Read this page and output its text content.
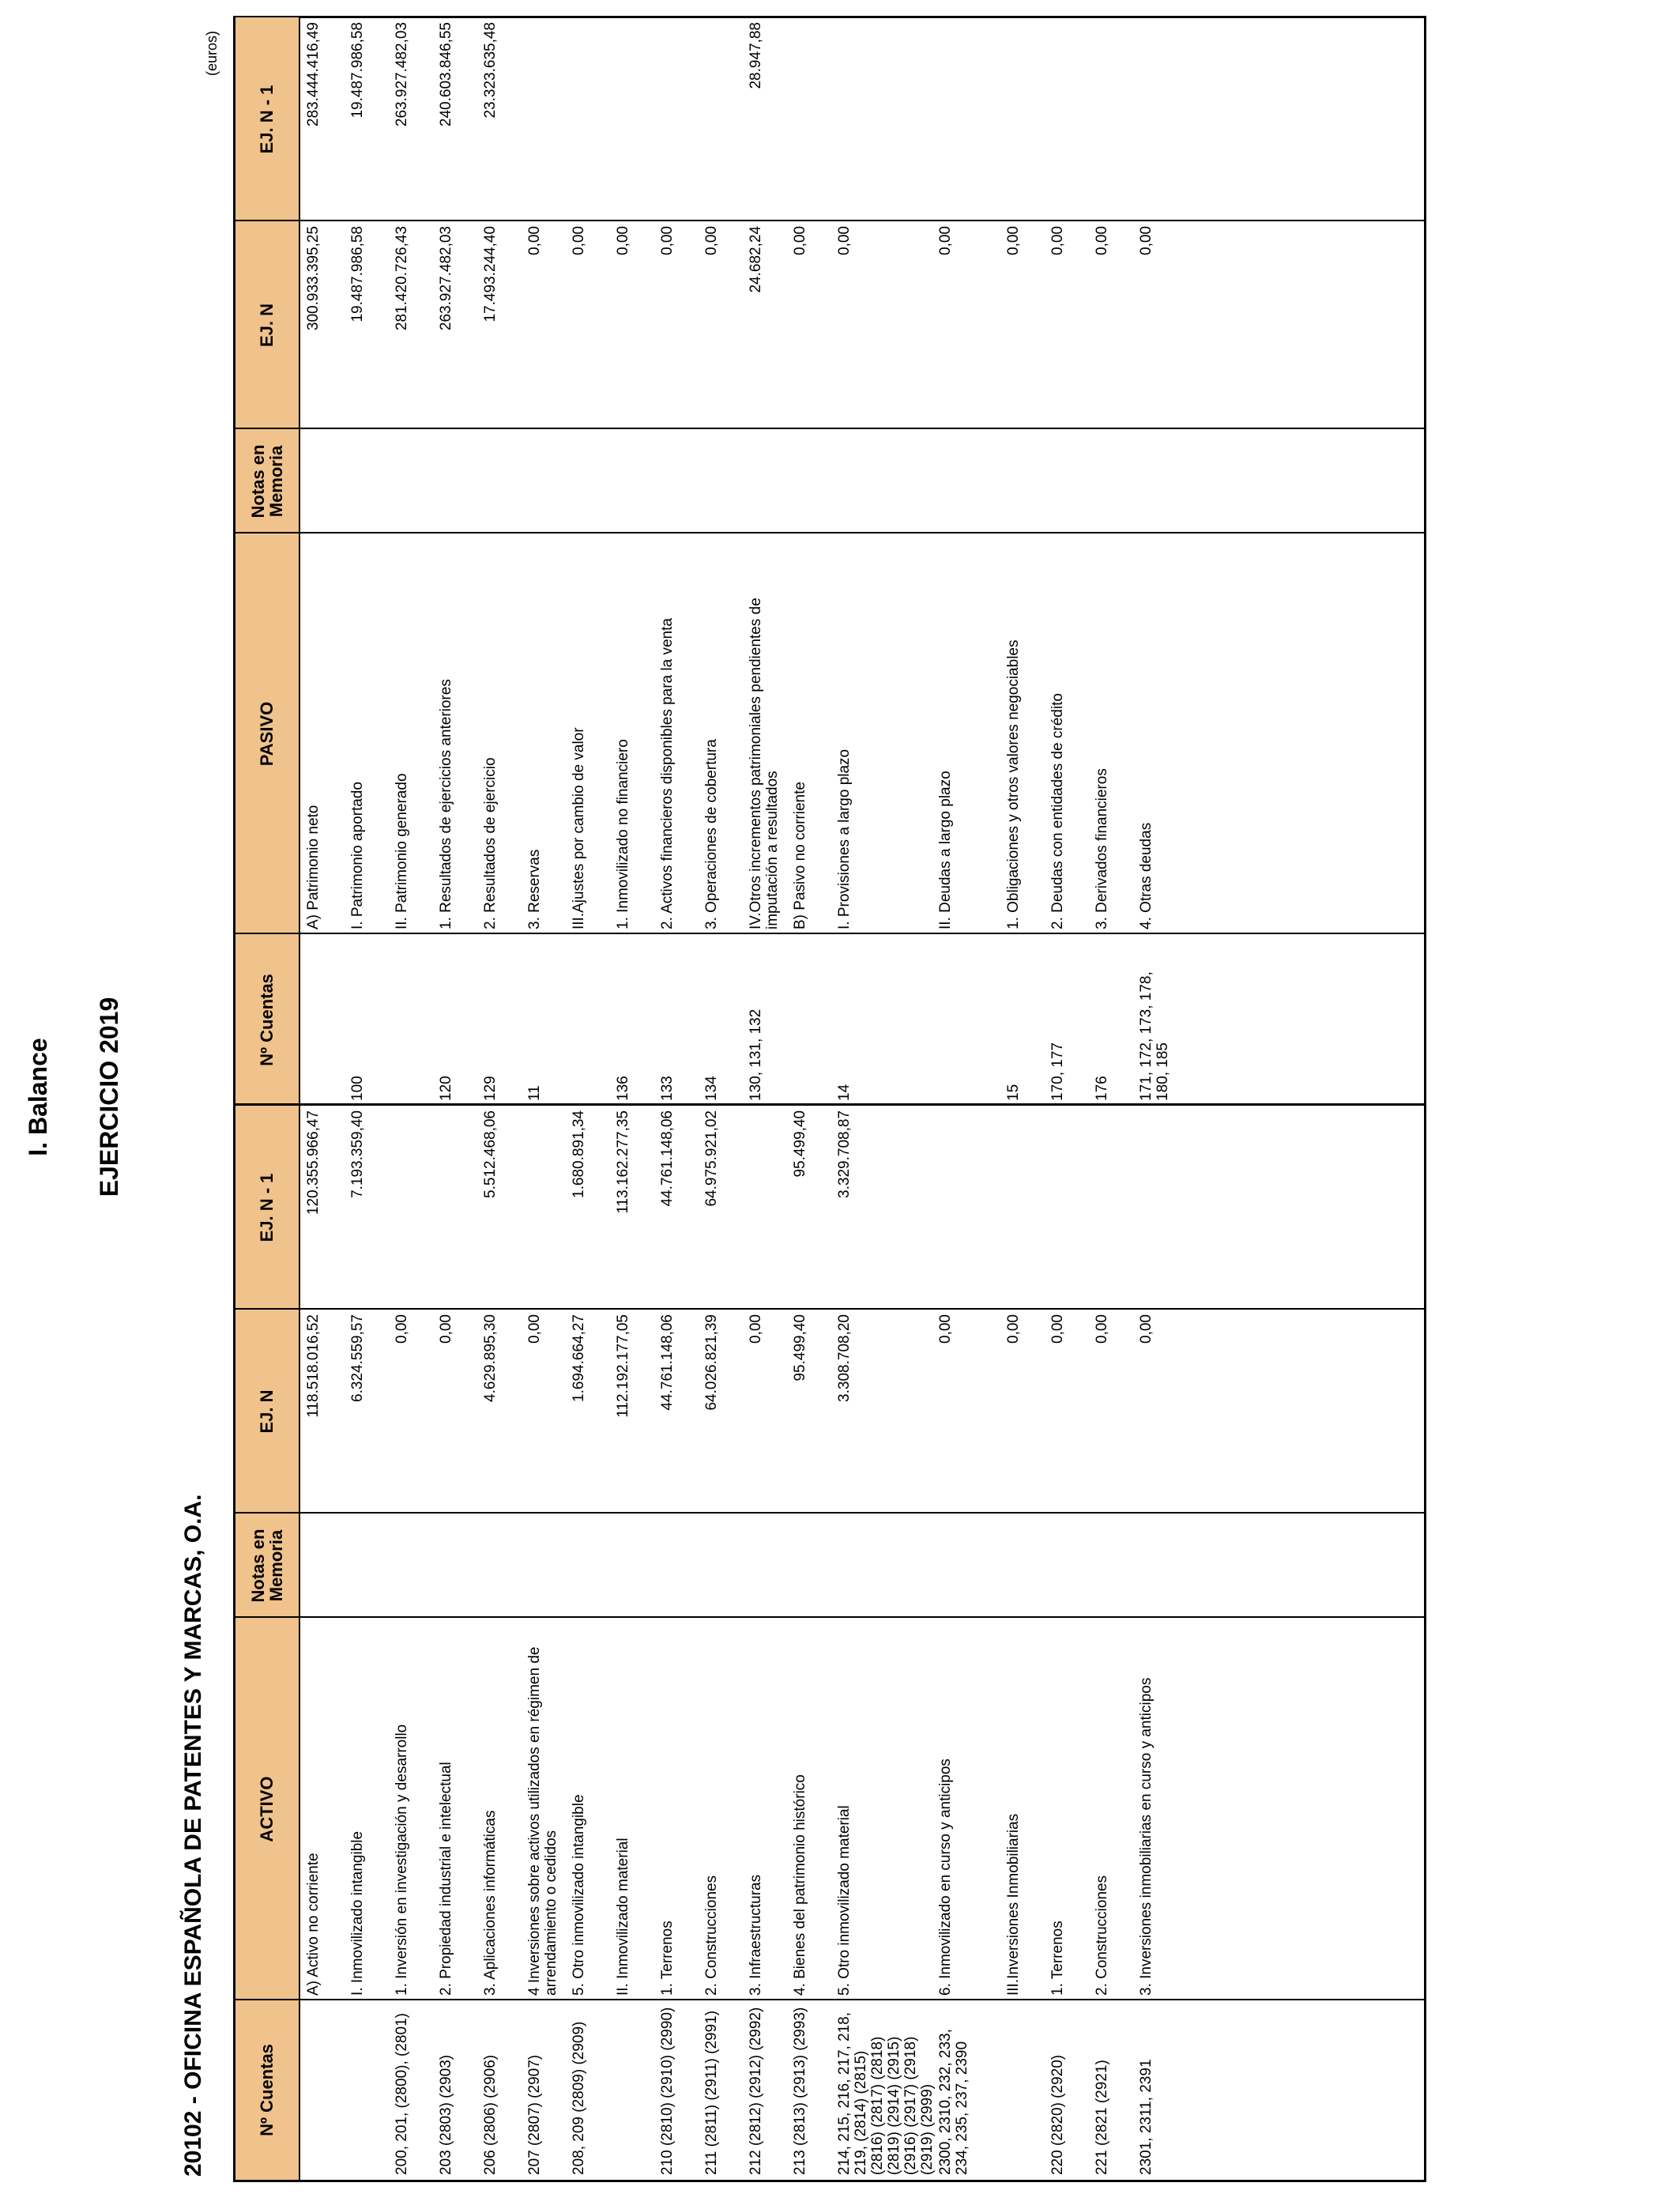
I. Balance EJERCICIO 2019
20102 - OFICINA ESPAÑOLA DE PATENTES Y MARCAS, O.A.
(euros)
Nº Cuentas
ACTIVO
Notas en Memoria
EJ. N
EJ. N - 1
Nº Cuentas
PASIVO
Notas en Memoria
EJ. N
EJ. N - 1
A) Activo no corriente
118.518.016,52
120.355.966,47
I. Inmovilizado intangible
6.324.559,57
7.193.359,40
200, 201, (2800), (2801)
1. Inversión en investigación y desarrollo
0,00
203 (2803) (2903)
2. Propiedad industrial e intelectual
0,00
206 (2806) (2906)
3. Aplicaciones informáticas
4.629.895,30
5.512.468,06
207 (2807) (2907)
4 Inversiones sobre activos utilizados en régimen de arrendamiento o cedidos
0,00
208, 209 (2809) (2909)
5. Otro inmovilizado intangible
1.694.664,27
1.680.891,34
II. Inmovilizado material
112.192.177,05
113.162.277,35
210 (2810) (2910) (2990)
1. Terrenos
44.761.148,06
44.761.148,06
211 (2811) (2911) (2991)
2. Construcciones
64.026.821,39
64.975.921,02
212 (2812) (2912) (2992)
3. Infraestructuras
0,00
213 (2813) (2913) (2993)
4. Bienes del patrimonio histórico
95.499,40
95.499,40
214, 215, 216, 217, 218, 219, (2814) (2815) (2816) (2817) (2818) (2819) (2914) (2915) (2916) (2917) (2918) (2919) (2999)
5. Otro inmovilizado material
3.308.708,20
3.329.708,87
2300, 2310, 232, 233, 234, 235, 237, 2390
6. Inmovilizado en curso y anticipos
0,00
III.Inversiones Inmobiliarias
0,00
220 (2820) (2920)
1. Terrenos
0,00
221 (2821 (2921)
2. Construcciones
0,00
2301, 2311, 2391
3. Inversiones inmobiliarias en curso y anticipos
0,00
A) Patrimonio neto
300.933.395,25
283.444.416,49
100
I. Patrimonio aportado
19.487.986,58
19.487.986,58
II. Patrimonio generado
281.420.726,43
263.927.482,03
120
1. Resultados de ejercicios anteriores
263.927.482,03
240.603.846,55
129
2. Resultados de ejercicio
17.493.244,40
23.323.635,48
11
3. Reservas
0,00
III.Ajustes por cambio de valor
0,00
136
1. Inmovilizado no financiero
0,00
133
2. Activos financieros disponibles para la venta
0,00
134
3. Operaciones de cobertura
0,00
130, 131, 132
IV.Otros incrementos patrimoniales pendientes de imputación a resultados
24.682,24
28.947,88
B) Pasivo no corriente
0,00
14
I. Provisiones a largo plazo
0,00
II. Deudas a largo plazo
0,00
15
1. Obligaciones y otros valores negociables
0,00
170, 177
2. Deudas con entidades de crédito
0,00
176
3. Derivados financieros
0,00
171, 172, 173, 178, 180, 185
4. Otras deudas
0,00
